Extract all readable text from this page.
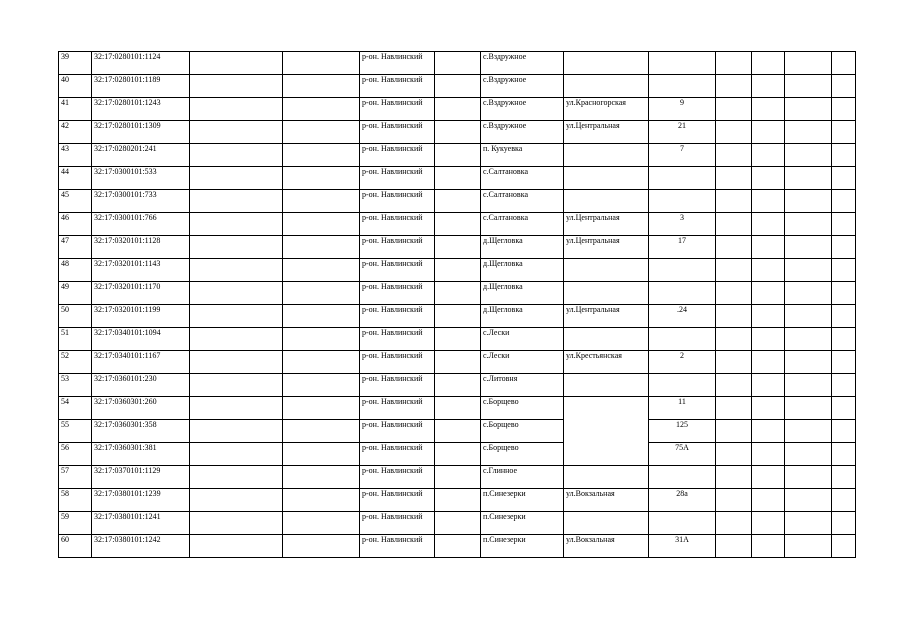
39	32:17:0280101:1124			р-он. Навлинский		с.Вздружное						
40	32:17:0280101:1189			р-он. Навлинский		с.Вздружное						
41	32:17:0280101:1243			р-он. Навлинский		с.Вздружное	ул.Красногорская	9				
42	32:17:0280101:1309			р-он. Навлинский		с.Вздружное	ул.Центральная	21				
43	32:17:0280201:241			р-он. Навлинский		п. Кукуевка		7				
44	32:17:0300101:533			р-он. Навлинский		с.Салтановка						
45	32:17:0300101:733			р-он. Навлинский		с.Салтановка						
46	32:17:0300101:766			р-он. Навлинский		с.Салтановка	ул.Центральная	3				
47	32:17:0320101:1128			р-он. Навлинский		д.Щегловка	ул.Центральная	17				
48	32:17:0320101:1143			р-он. Навлинский		д.Щегловка						
49	32:17:0320101:1170			р-он. Навлинский		д.Щегловка						
50	32:17:0320101:1199			р-он. Навлинский		д.Щегловка	ул.Центральная	.24				
51	32:17:0340101:1094			р-он. Навлинский		с.Лески						
52	32:17:0340101:1167			р-он. Навлинский		с.Лески	ул.Крестьянская	2				
53	32:17:0360101:230			р-он. Навлинский		с.Литовня						
54	32:17:0360301:260			р-он. Навлинский		с.Борщево		11				
55	32:17:0360301:358			р-он. Навлинский		с.Борщево		125				
56	32:17:0360301:381			р-он. Навлинский		с.Борщево		75А				
57	32:17:0370101:1129			р-он. Навлинский		с.Глинное						
58	32:17:0380101:1239			р-он. Навлинский		п.Синезерки	ул.Вокзальная	28а				
59	32:17:0380101:1241			р-он. Навлинский		п.Синезерки						
60	32:17:0380101:1242			р-он. Навлинский		п.Синезерки	ул.Вокзальная	31А				
